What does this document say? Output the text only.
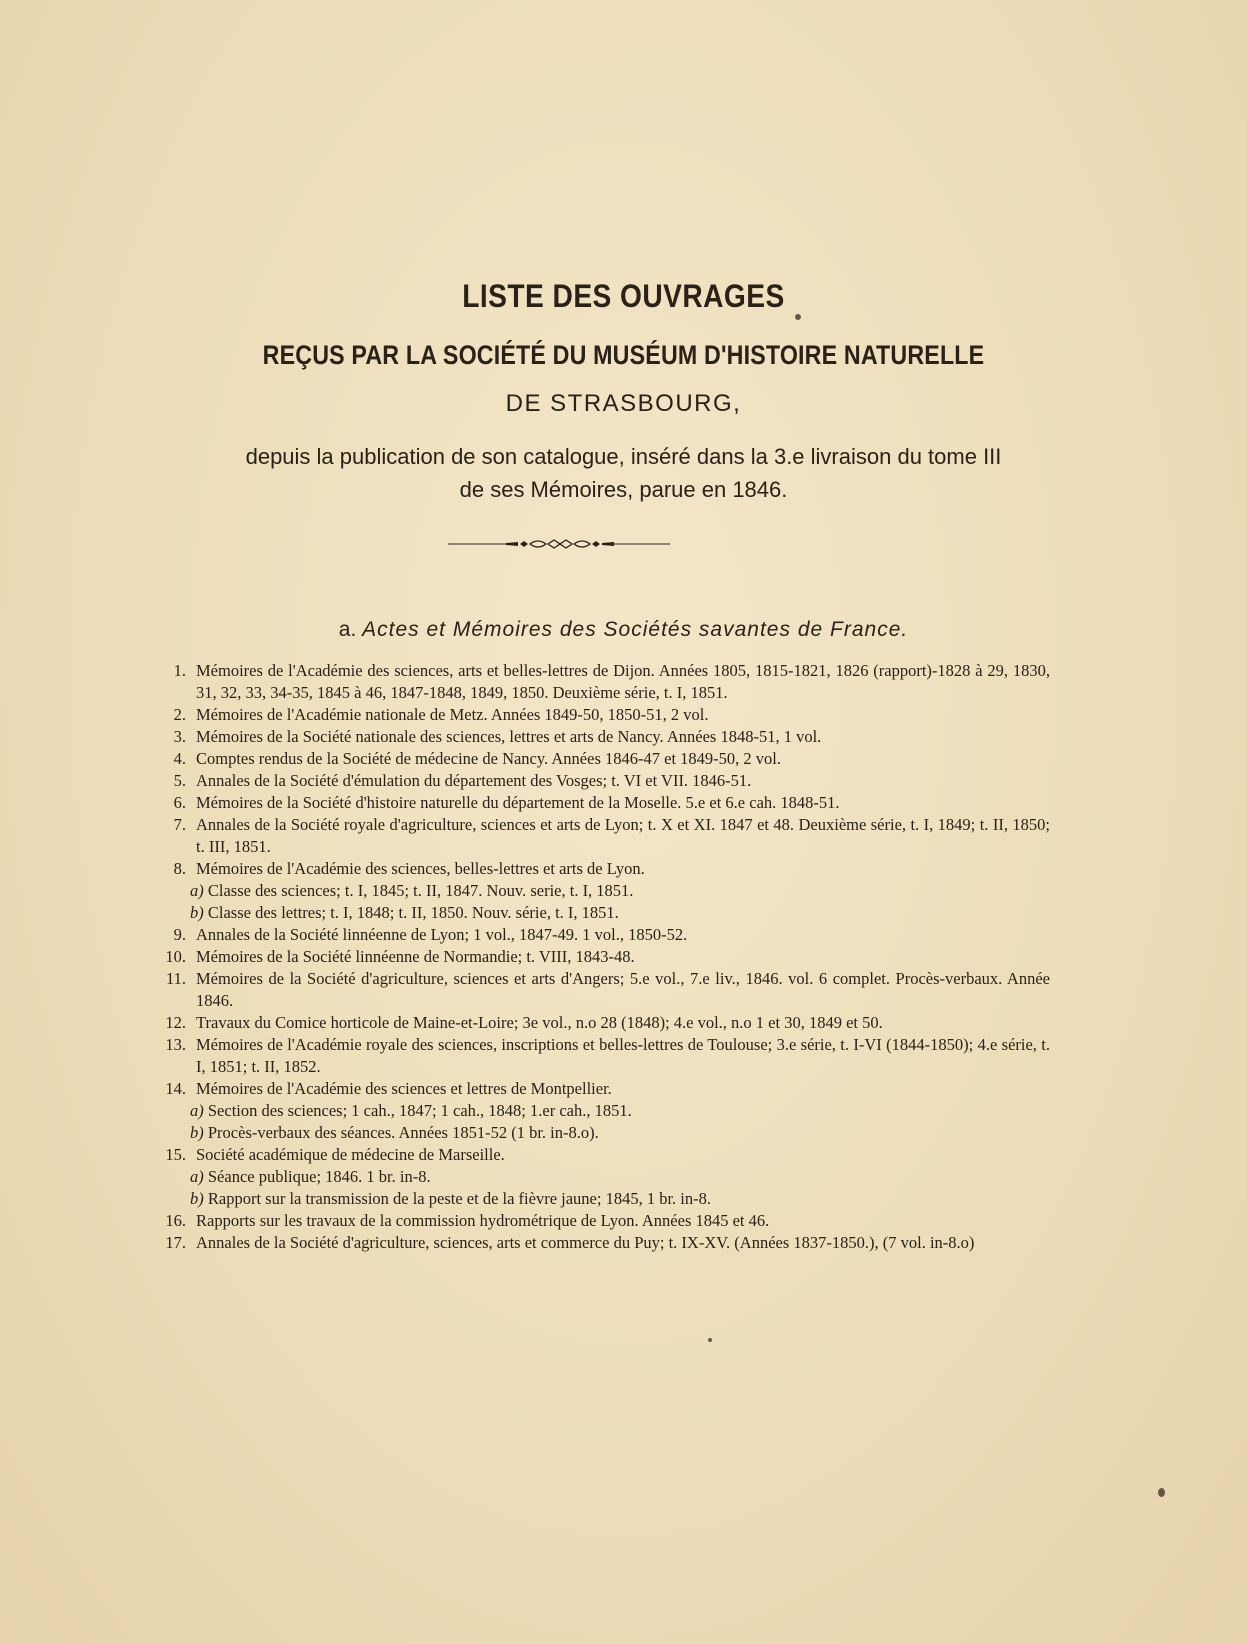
LISTE DES OUVRAGES
REÇUS PAR LA SOCIÉTÉ DU MUSÉUM D'HISTOIRE NATURELLE
DE STRASBOURG,
depuis la publication de son catalogue, inséré dans la 3.e livraison du tome III
de ses Mémoires, parue en 1846.
a. Actes et Mémoires des Sociétés savantes de France.
1. Mémoires de l'Académie des sciences, arts et belles-lettres de Dijon. Années 1805, 1815-1821, 1826 (rapport)-1828 à 29, 1830, 31, 32, 33, 34-35, 1845 à 46, 1847-1848, 1849, 1850. Deuxième série, t. I, 1851.
2. Mémoires de l'Académie nationale de Metz. Années 1849-50, 1850-51, 2 vol.
3. Mémoires de la Société nationale des sciences, lettres et arts de Nancy. Années 1848-51, 1 vol.
4. Comptes rendus de la Société de médecine de Nancy. Années 1846-47 et 1849-50, 2 vol.
5. Annales de la Société d'émulation du département des Vosges; t. VI et VII. 1846-51.
6. Mémoires de la Société d'histoire naturelle du département de la Moselle. 5.e et 6.e cah. 1848-51.
7. Annales de la Société royale d'agriculture, sciences et arts de Lyon; t. X et XI. 1847 et 48. Deuxième série, t. I, 1849; t. II, 1850; t. III, 1851.
8. Mémoires de l'Académie des sciences, belles-lettres et arts de Lyon.
a) Classe des sciences; t. I, 1845; t. II, 1847. Nouv. serie, t. I, 1851.
b) Classe des lettres; t. I, 1848; t. II, 1850. Nouv. série, t. I, 1851.
9. Annales de la Société linnéenne de Lyon; 1 vol., 1847-49. 1 vol., 1850-52.
10. Mémoires de la Société linnéenne de Normandie; t. VIII, 1843-48.
11. Mémoires de la Société d'agriculture, sciences et arts d'Angers; 5.e vol., 7.e liv., 1846. vol. 6 complet. Procès-verbaux. Année 1846.
12. Travaux du Comice horticole de Maine-et-Loire; 3e vol., n.o 28 (1848); 4.e vol., n.o 1 et 30, 1849 et 50.
13. Mémoires de l'Académie royale des sciences, inscriptions et belles-lettres de Toulouse; 3.e série, t. I-VI (1844-1850); 4.e série, t. I, 1851; t. II, 1852.
14. Mémoires de l'Académie des sciences et lettres de Montpellier.
a) Section des sciences; 1 cah., 1847; 1 cah., 1848; 1.er cah., 1851.
b) Procès-verbaux des séances. Années 1851-52 (1 br. in-8.o).
15. Société académique de médecine de Marseille.
a) Séance publique; 1846. 1 br. in-8.
b) Rapport sur la transmission de la peste et de la fièvre jaune; 1845, 1 br. in-8.
16. Rapports sur les travaux de la commission hydrométrique de Lyon. Années 1845 et 46.
17. Annales de la Société d'agriculture, sciences, arts et commerce du Puy; t. IX-XV. (Années 1837-1850.), (7 vol. in-8.o)
